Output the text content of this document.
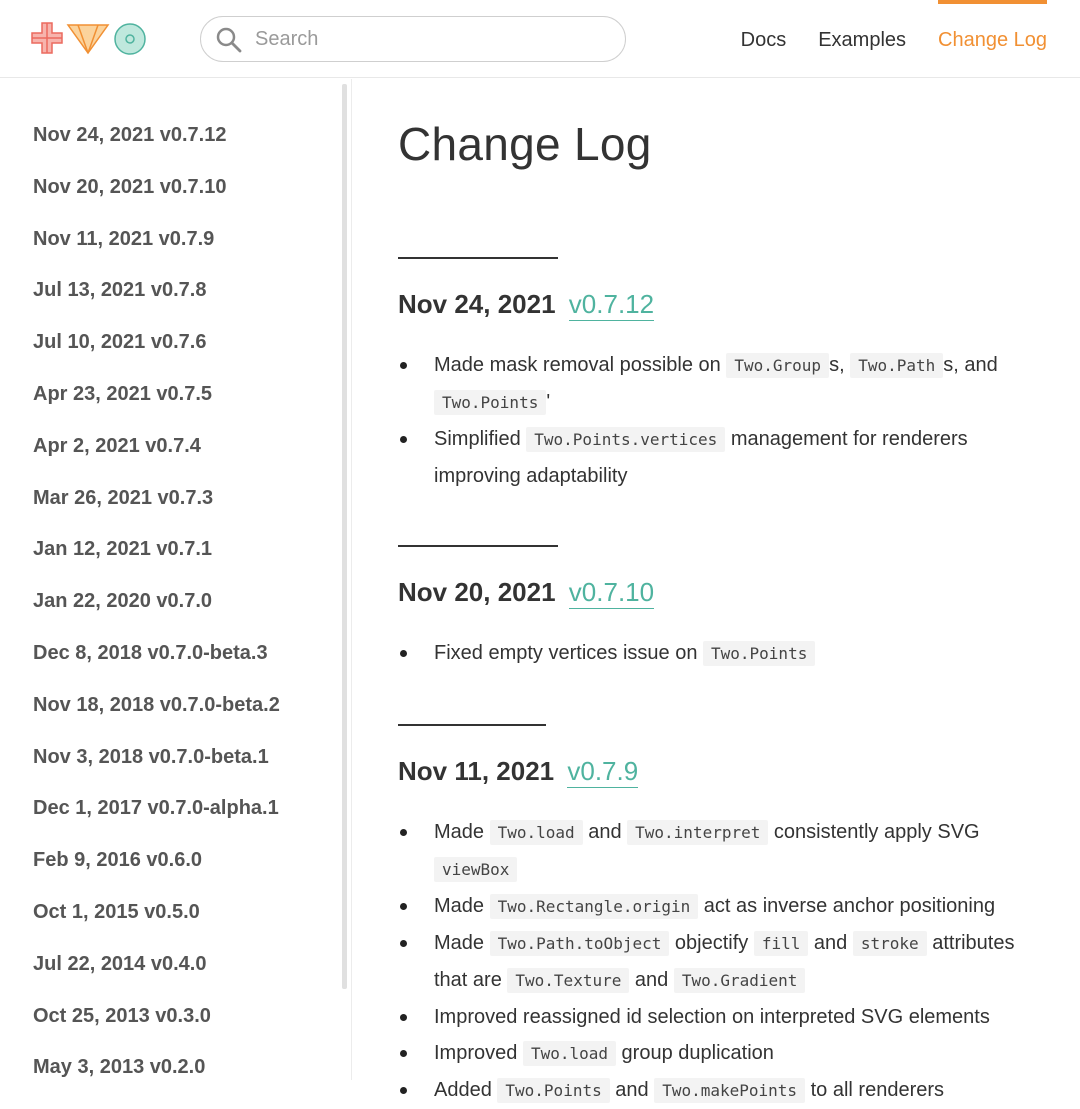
Search
Docs Examples Change Log
Nov 24, 2021 v0.7.12
Nov 20, 2021 v0.7.10
Nov 11, 2021 v0.7.9
Jul 13, 2021 v0.7.8
Jul 10, 2021 v0.7.6
Apr 23, 2021 v0.7.5
Apr 2, 2021 v0.7.4
Mar 26, 2021 v0.7.3
Jan 12, 2021 v0.7.1
Jan 22, 2020 v0.7.0
Dec 8, 2018 v0.7.0-beta.3
Nov 18, 2018 v0.7.0-beta.2
Nov 3, 2018 v0.7.0-beta.1
Dec 1, 2017 v0.7.0-alpha.1
Feb 9, 2016 v0.6.0
Oct 1, 2015 v0.5.0
Jul 22, 2014 v0.4.0
Oct 25, 2013 v0.3.0
May 3, 2013 v0.2.0
Change Log
Nov 24, 2021 v0.7.12
Made mask removal possible on Two.Group s, Two.Path s, and Two.Points '
Simplified Two.Points.vertices management for renderers improving adaptability
Nov 20, 2021 v0.7.10
Fixed empty vertices issue on Two.Points
Nov 11, 2021 v0.7.9
Made Two.load and Two.interpret consistently apply SVG viewBox
Made Two.Rectangle.origin act as inverse anchor positioning
Made Two.Path.toObject objectify fill and stroke attributes that are Two.Texture and Two.Gradient
Improved reassigned id selection on interpreted SVG elements
Improved Two.load group duplication
Added Two.Points and Two.makePoints to all renderers
